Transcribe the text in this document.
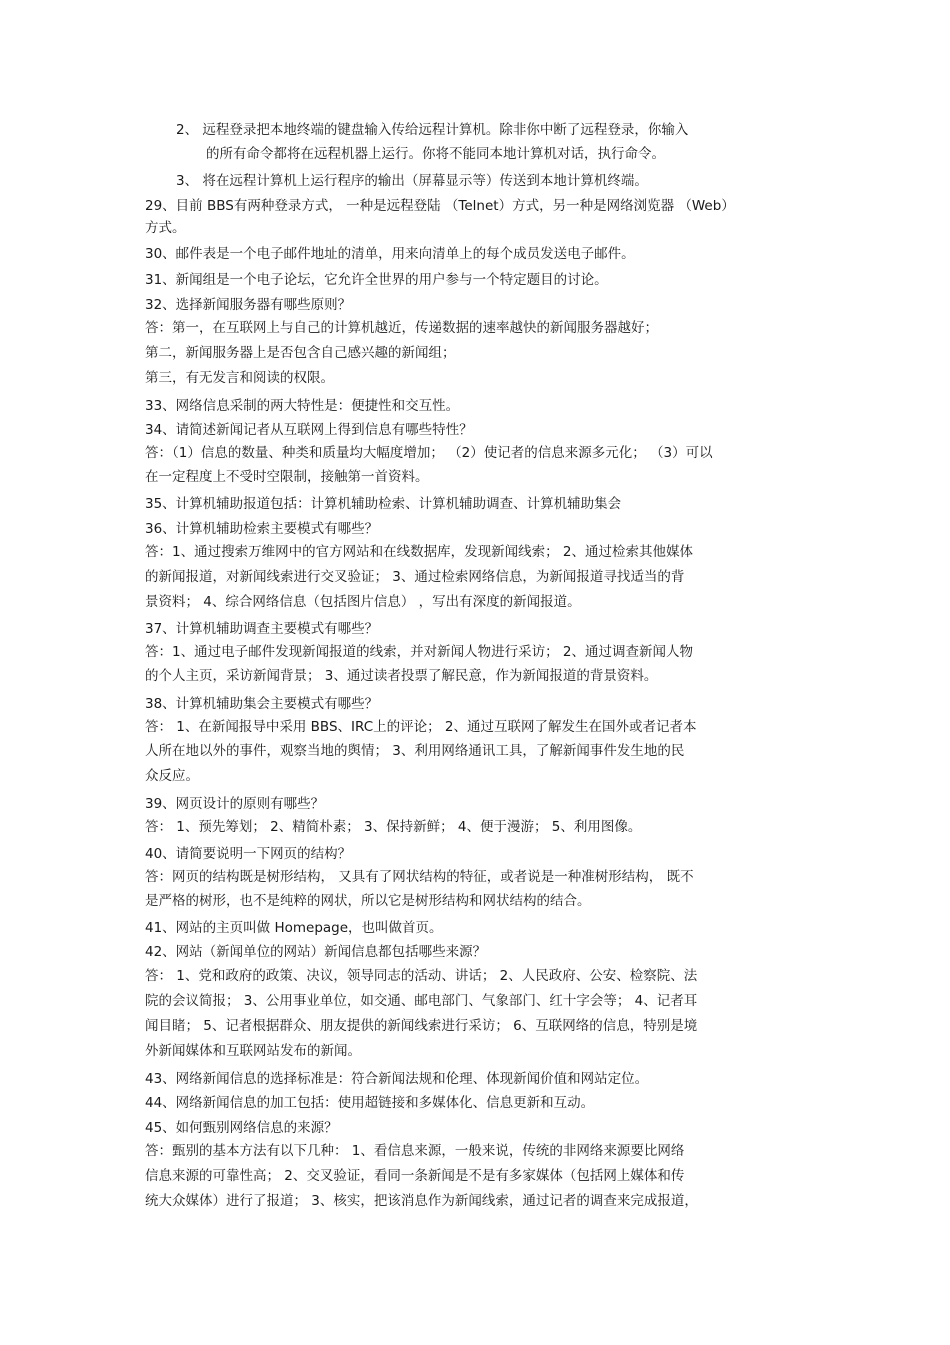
2、 远程登录把本地终端的键盘输入传给远程计算机。除非你中断了远程登录，你输入
的所有命令都将在远程机器上运行。你将不能同本地计算机对话，执行命令。
3、 将在远程计算机上运行程序的输出（屏幕显示等）传送到本地计算机终端。
29、目前 BBS有两种登录方式， 一种是远程登陆 （Telnet）方式，另一种是网络浏览器 （Web）
方式。
30、邮件表是一个电子邮件地址的清单，用来向清单上的每个成员发送电子邮件。
31、新闻组是一个电子论坛，它允许全世界的用户参与一个特定题目的讨论。
32、选择新闻服务器有哪些原则？
答：第一，在互联网上与自己的计算机越近，传递数据的速率越快的新闻服务器越好；
第二，新闻服务器上是否包含自己感兴趣的新闻组；
第三，有无发言和阅读的权限。
33、网络信息采制的两大特性是：便捷性和交互性。
34、请简述新闻记者从互联网上得到信息有哪些特性？
答：（1）信息的数量、种类和质量均大幅度增加； （2）使记者的信息来源多元化； （3）可以
在一定程度上不受时空限制，接触第一首资料。
35、计算机辅助报道包括：计算机辅助检索、计算机辅助调查、计算机辅助集会
36、计算机辅助检索主要模式有哪些？
答：1、通过搜索万维网中的官方网站和在线数据库，发现新闻线索； 2、通过检索其他媒体
的新闻报道，对新闻线索进行交叉验证； 3、通过检索网络信息，为新闻报道寻找适当的背
景资料； 4、综合网络信息（包括图片信息） ，写出有深度的新闻报道。
37、计算机辅助调查主要模式有哪些？
答：1、通过电子邮件发现新闻报道的线索，并对新闻人物进行采访； 2、通过调查新闻人物
的个人主页，采访新闻背景； 3、通过读者投票了解民意，作为新闻报道的背景资料。
38、计算机辅助集会主要模式有哪些？
答： 1、在新闻报导中采用 BBS、IRC上的评论； 2、通过互联网了解发生在国外或者记者本
人所在地以外的事件，观察当地的舆情； 3、利用网络通讯工具，了解新闻事件发生地的民
众反应。
39、网页设计的原则有哪些？
答： 1、预先筹划； 2、精简朴素； 3、保持新鲜； 4、便于漫游； 5、利用图像。
40、请简要说明一下网页的结构？
答：网页的结构既是树形结构， 又具有了网状结构的特征，或者说是一种准树形结构， 既不
是严格的树形，也不是纯粹的网状，所以它是树形结构和网状结构的结合。
41、网站的主页叫做 Homepage，也叫做首页。
42、网站（新闻单位的网站）新闻信息都包括哪些来源？
答： 1、党和政府的政策、决议，领导同志的活动、讲话； 2、人民政府、公安、检察院、法
院的会议简报； 3、公用事业单位，如交通、邮电部门、气象部门、红十字会等； 4、记者耳
闻目睹； 5、记者根据群众、朋友提供的新闻线索进行采访； 6、互联网络的信息，特别是境
外新闻媒体和互联网站发布的新闻。
43、网络新闻信息的选择标准是：符合新闻法规和伦理、体现新闻价值和网站定位。
44、网络新闻信息的加工包括：使用超链接和多媒体化、信息更新和互动。
45、如何甄别网络信息的来源？
答：甄别的基本方法有以下几种： 1、看信息来源，一般来说，传统的非网络来源要比网络
信息来源的可靠性高； 2、交叉验证，看同一条新闻是不是有多家媒体（包括网上媒体和传
统大众媒体）进行了报道； 3、核实，把该消息作为新闻线索，通过记者的调查来完成报道，
